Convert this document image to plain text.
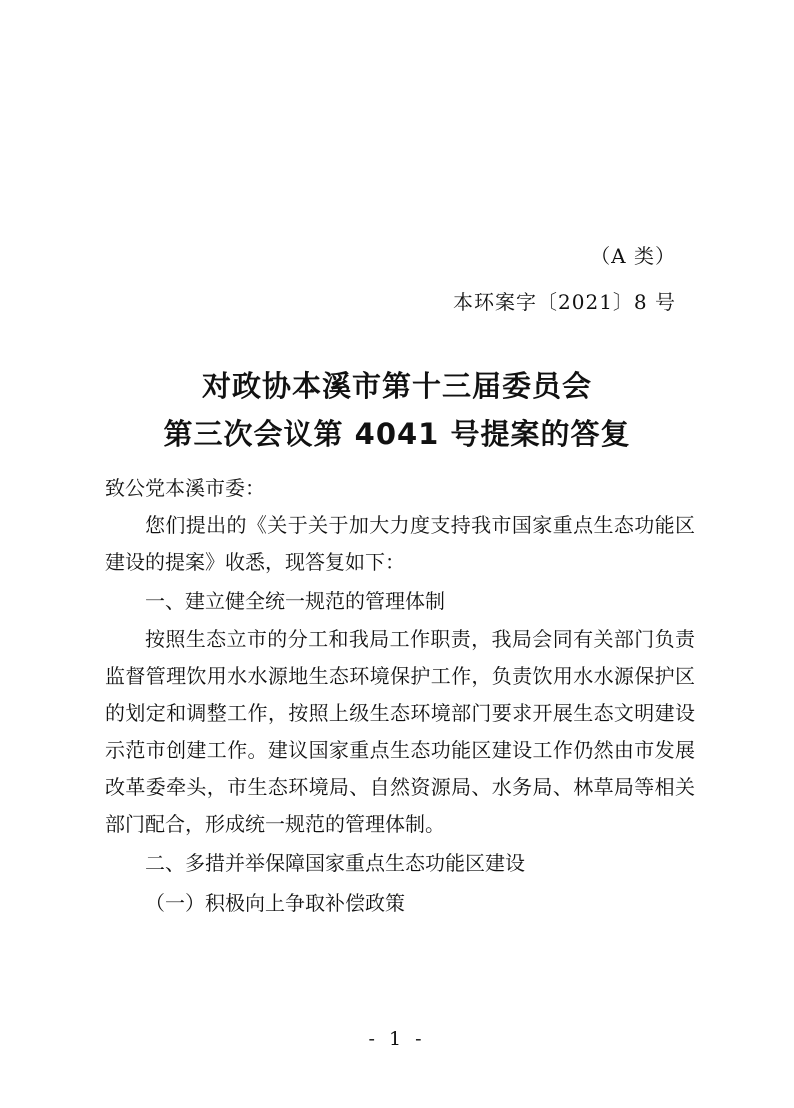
（A 类）
本环案字〔2021〕8 号
对政协本溪市第十三届委员会
第三次会议第 4041 号提案的答复

致公党本溪市委：

您们提出的《关于关于加大力度支持我市国家重点生态功能区建设的提案》收悉，现答复如下：

一、建立健全统一规范的管理体制

按照生态立市的分工和我局工作职责，我局会同有关部门负责监督管理饮用水水源地生态环境保护工作，负责饮用水水源保护区的划定和调整工作，按照上级生态环境部门要求开展生态文明建设示范市创建工作。建议国家重点生态功能区建设工作仍然由市发展改革委牵头，市生态环境局、自然资源局、水务局、林草局等相关部门配合，形成统一规范的管理体制。

二、多措并举保障国家重点生态功能区建设

（一）积极向上争取补偿政策

- 1 -
